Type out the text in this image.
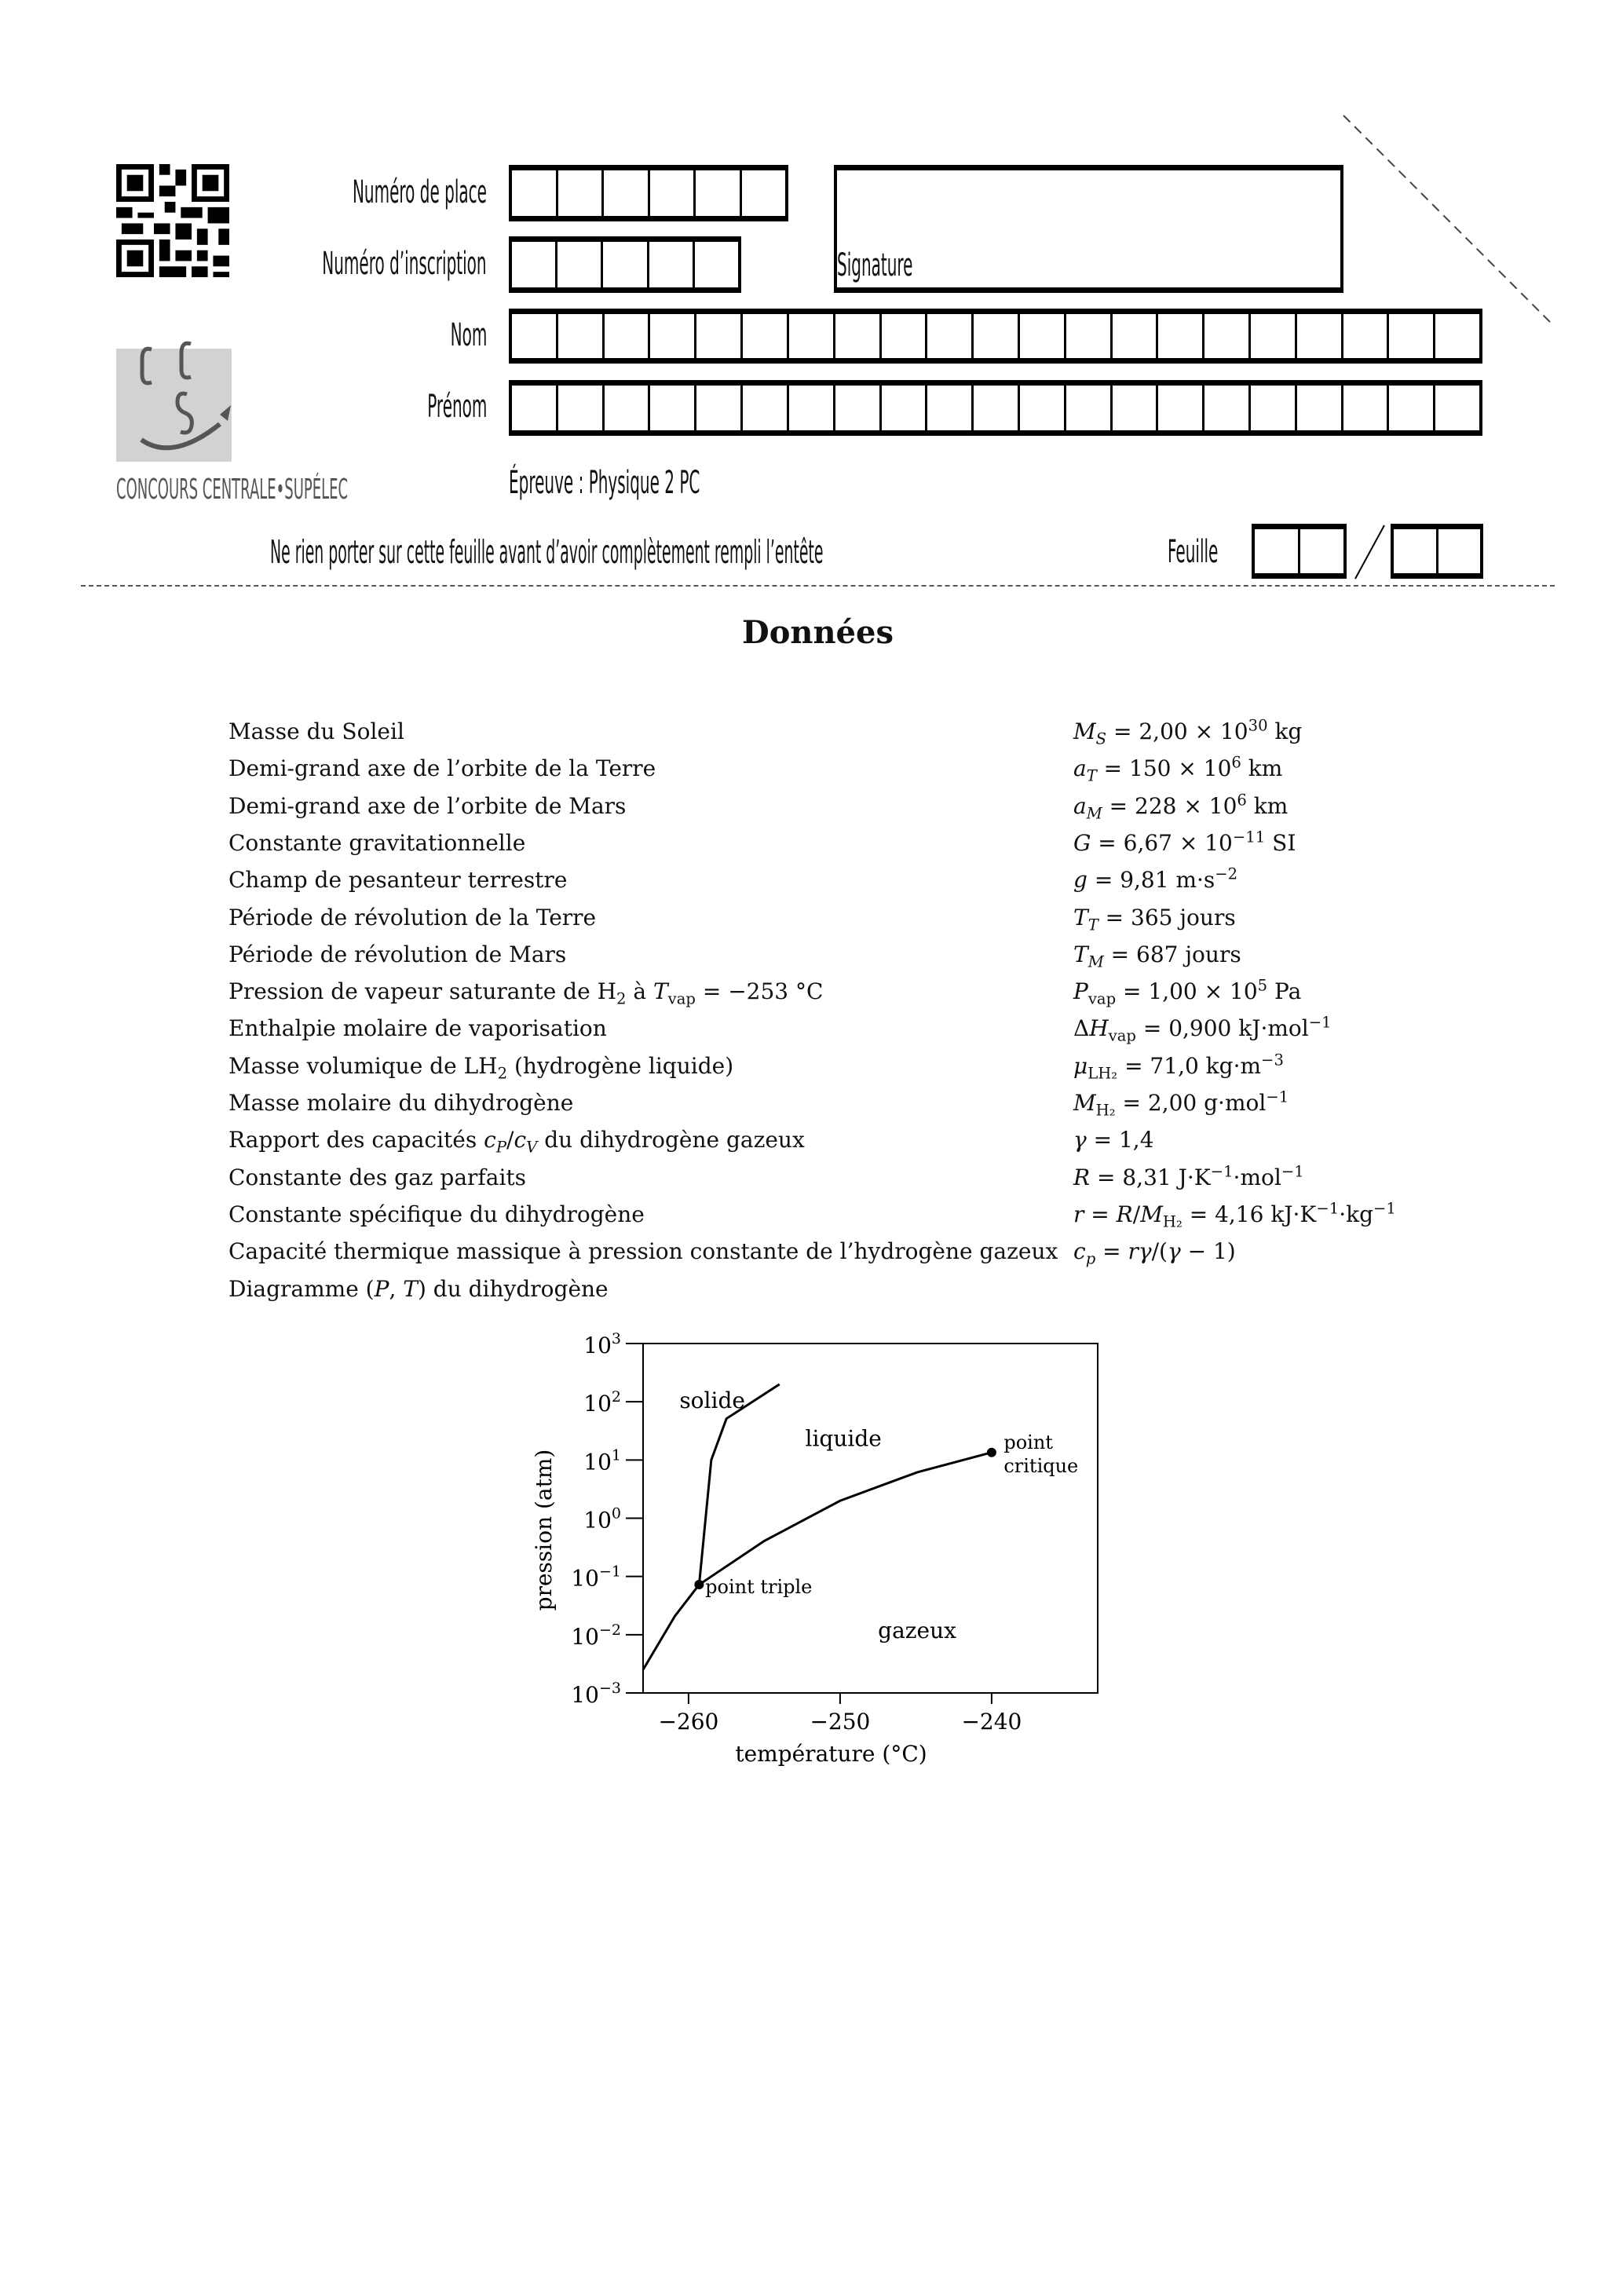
CONCOURS CENTRALE•SUPÉLEC
Numéro de place
Numéro d’inscription
Nom
Prénom
Signature
Épreuve : Physique 2 PC
Ne rien porter sur cette feuille avant d’avoir complètement rempli l’entête	Feuille
Données
Masse du Soleil	$M_S = 2,00 \times 10^{30}$ kg
Demi-grand axe de l’orbite de la Terre	$a_T = 150 \times 10^6$ km
Demi-grand axe de l’orbite de Mars	$a_M = 228 \times 10^6$ km
Constante gravitationnelle	$G = 6,67 \times 10^{-11}$ SI
Champ de pesanteur terrestre	g = 9,81 $m\cdot s^{-2}$
Période de révolution de la Terre	$T_T = 365$ jours
Période de révolution de Mars	$T_M = 687$ jours
Pression de vapeur saturante de $H_2$ à $T_{vap} = -253$ °C	$P_{vap} = 1,00 \times 10^5$ Pa
Enthalpie molaire de vaporisation	$\Delta H_{vap} = 0,900$ kJ·mol$^{-1}$
Masse volumique de $LH_2$ (hydrogène liquide)	$\mu_{LH_2} = 71,0$ $kg\cdot m^{-3}$
Masse molaire du dihydrogène	$M_{H_2} = 2,00$ g·mol$^{-1}$
Rapport des capacités $c_P/c_V$ du dihydrogène gazeux	γ = 1,4
Constante des gaz parfaits	R = 8,31 $J\cdot K^{-1}\cdot mol^{-1}$
Constante spécifique du dihydrogène	$r = R/M_{H_2} = 4,16$ $kJ\cdot K^{-1}\cdot kg^{-1}$
Capacité thermique massique à pression constante de l’hydrogène gazeux $c_p = r\gamma/(\gamma - 1)$
Diagramme (P, T) du dihydrogène
$10^3$
$10^2$
$10^1$
$10^0$
$10^{-1}$
$10^{-2}$
$10^{-3}$
−260	−250	−240
température (°C)
pression (atm)
solide
liquide
gazeux
point triple
point
critique
